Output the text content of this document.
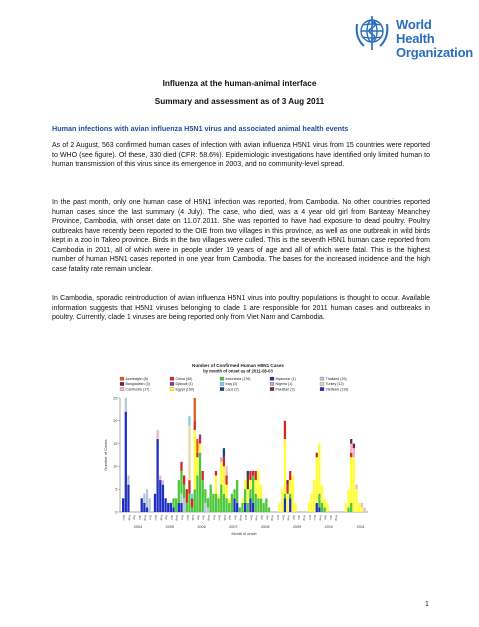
World Health
Organization
Influenza at the human-animal interface
Summary and assessment as of 3 Aug 2011
Human infections with avian influenza H5N1 virus and associated animal health events
As of 2 August, 563 confirmed human cases of infection with avian influenza H5N1 virus from 15 countries were reported to WHO (see figure). Of these, 330 died (CFR: 58.6%). Epidemiologic investigations have identified only limited human to human transmission of this virus since its emergence in 2003, and no community-level spread.
In the past month, only one human case of H5N1 infection was reported, from Cambodia. No other countries reported human cases since the last summary (4 July). The case, who died, was a 4 year old girl from Banteay Meanchey Province, Cambodia, with onset date on 11.07.2011. She was reported to have had exposure to dead poultry. Poultry outbreaks have recently been reported to the OIE from two villages in this province, as well as one outbreak in wild birds kept in a zoo in Takeo province. Birds in the two villages were culled. This is the seventh H5N1 human case reported from Cambodia in 2011, all of which were in people under 19 years of age and all of which were fatal. This is the highest number of human H5N1 cases reported in one year from Cambodia. The bases for the increased incidence and the high case fatality rate remain unclear.
In Cambodia, sporadic reintroduction of avian influenza H5N1 virus into poultry populations is thought to occur. Available information suggests that H5N1 viruses belonging to clade 1 are responsible for 2011 human cases and outbreaks in poultry. Currently, clade 1 viruses are being reported only from Viet Nam and Cambodia.
Number of Confirmed Human H5N1 Cases
by month of onset as of 2011-08-03
Azerbaijan (8)
Bangladesh (3)
Cambodia (17)
China (40)
Djibouti (1)
Egypt (150)
Indonesia (176)
Iraq (3)
Laos (2)
Myanmar (1)
Nigeria (1)
Pakistan (3)
Thailand (25)
Turkey (12)
VietNam (119)
0
5
10
15
20
25
Number of Cases
Dec Feb Apr Jun Aug Oct Dec Feb Apr Jun Aug Oct Dec Feb Apr Jun Aug Oct Dec Feb Apr Jun Aug Oct Dec Feb Apr Jun Aug Oct Dec Feb Apr Jun Aug Oct Dec Feb Apr Jun Aug
2004	2005	2006	2007	2008	2009	2010	2011
Month of onset
1
